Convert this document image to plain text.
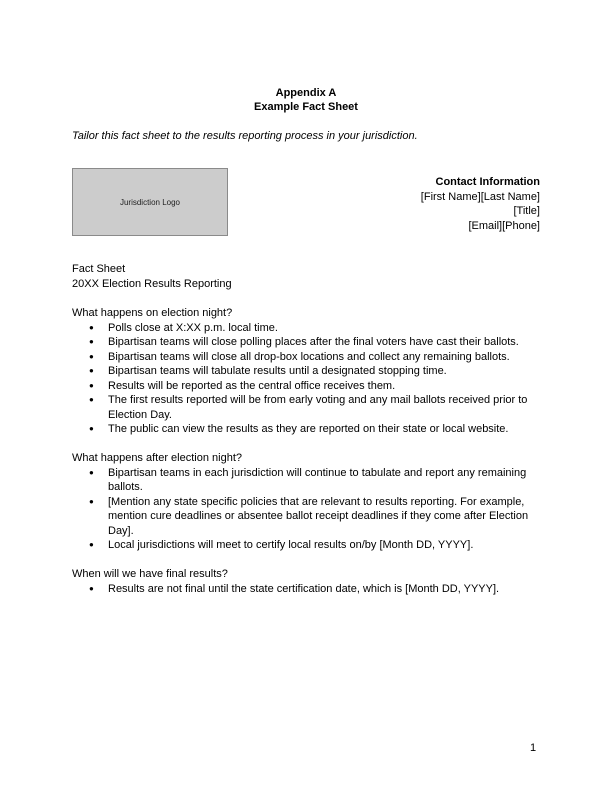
Appendix A
Example Fact Sheet
Tailor this fact sheet to the results reporting process in your jurisdiction.
Jurisdiction Logo
Contact Information
[First Name][Last Name]
[Title]
[Email][Phone]
Fact Sheet
20XX Election Results Reporting
What happens on election night?
● Polls close at X:XX p.m. local time.
● Bipartisan teams will close polling places after the final voters have cast their ballots.
● Bipartisan teams will close all drop-box locations and collect any remaining ballots.
● Bipartisan teams will tabulate results until a designated stopping time.
● Results will be reported as the central office receives them.
● The first results reported will be from early voting and any mail ballots received prior to Election Day.
● The public can view the results as they are reported on their state or local website.
What happens after election night?
● Bipartisan teams in each jurisdiction will continue to tabulate and report any remaining ballots.
● [Mention any state specific policies that are relevant to results reporting. For example, mention cure deadlines or absentee ballot receipt deadlines if they come after Election Day].
● Local jurisdictions will meet to certify local results on/by [Month DD, YYYY].
When will we have final results?
● Results are not final until the state certification date, which is [Month DD, YYYY].
1
